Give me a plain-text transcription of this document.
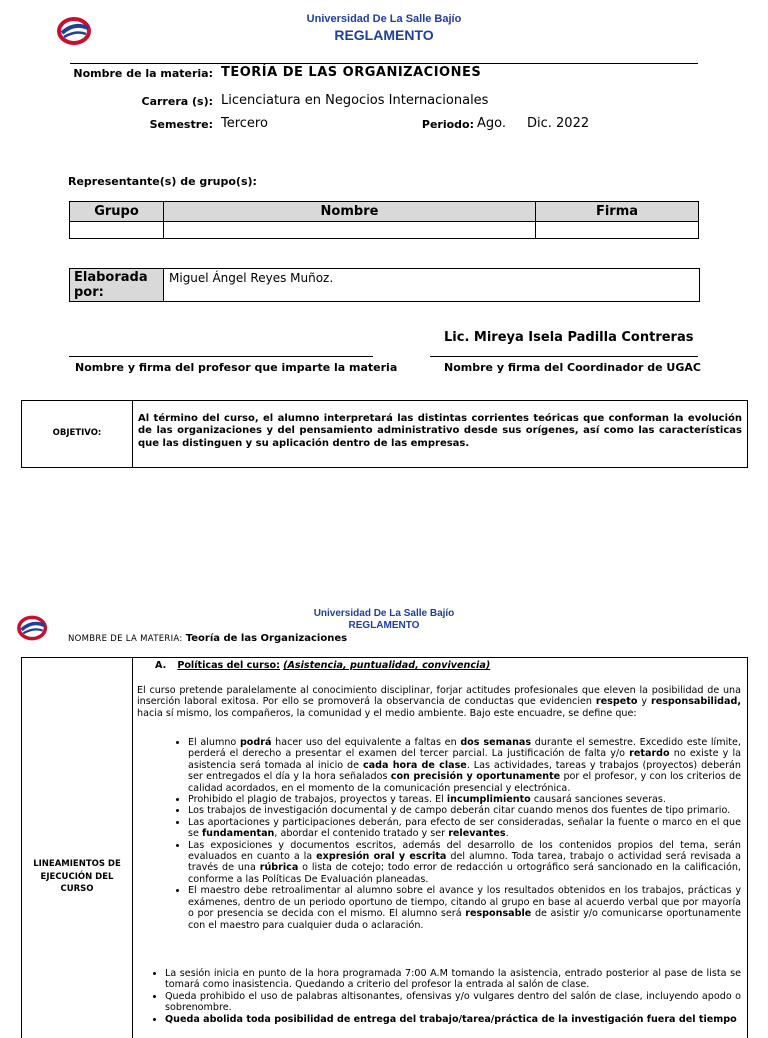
Universidad De La Salle Bajío
REGLAMENTO
Nombre de la materia: TEORÍA DE LAS ORGANIZACIONES
Carrera (s): Licenciatura en Negocios Internacionales
Semestre: Tercero	Periodo: Ago. Dic. 2022
Representante(s) de grupo(s):
Grupo	Nombre	Firma

Elaborada por:
Miguel Ángel Reyes Muñoz.
Lic. Mireya Isela Padilla Contreras
Nombre y firma del profesor que imparte la materia	Nombre y firma del Coordinador de UGAC
OBJETIVO:
Al término del curso, el alumno interpretará las distintas corrientes teóricas que conforman la evolución de las organizaciones y del pensamiento administrativo desde sus orígenes, así como las características que las distinguen y su aplicación dentro de las empresas.
Universidad De La Salle Bajío
REGLAMENTO
NOMBRE DE LA MATERIA: Teoría de las Organizaciones
LINEAMIENTOS DE EJECUCIÓN DEL CURSO
A. Políticas del curso: (Asistencia, puntualidad, convivencia)

El curso pretende paralelamente al conocimiento disciplinar, forjar actitudes profesionales que eleven la posibilidad de una inserción laboral exitosa. Por ello se promoverá la observancia de conductas que evidencien respeto y responsabilidad, hacia sí mismo, los compañeros, la comunidad y el medio ambiente. Bajo este encuadre, se define que:

• El alumno podrá hacer uso del equivalente a faltas en dos semanas durante el semestre. Excedido este límite, perderá el derecho a presentar el examen del tercer parcial. La justificación de falta y/o retardo no existe y la asistencia será tomada al inicio de cada hora de clase. Las actividades, tareas y trabajos (proyectos) deberán ser entregados el día y la hora señalados con precisión y oportunamente por el profesor, y con los criterios de calidad acordados, en el momento de la comunicación presencial y electrónica.
• Prohibido el plagio de trabajos, proyectos y tareas. El incumplimiento causará sanciones severas.
• Los trabajos de investigación documental y de campo deberán citar cuando menos dos fuentes de tipo primario.
• Las aportaciones y participaciones deberán, para efecto de ser consideradas, señalar la fuente o marco en el que se fundamentan, abordar el contenido tratado y ser relevantes.
• Las exposiciones y documentos escritos, además del desarrollo de los contenidos propios del tema, serán evaluados en cuanto a la expresión oral y escrita del alumno. Toda tarea, trabajo o actividad será revisada a través de una rúbrica o lista de cotejo; todo error de redacción u ortográfico será sancionado en la calificación, conforme a las Políticas De Evaluación planeadas.
• El maestro debe retroalimentar al alumno sobre el avance y los resultados obtenidos en los trabajos, prácticas y exámenes, dentro de un periodo oportuno de tiempo, citando al grupo en base al acuerdo verbal que por mayoría o por presencia se decida con el mismo. El alumno será responsable de asistir y/o comunicarse oportunamente con el maestro para cualquier duda o aclaración.
• La sesión inicia en punto de la hora programada 7:00 A.M tomando la asistencia, entrado posterior al pase de lista se tomará como inasistencia. Quedando a criterio del profesor la entrada al salón de clase.
• Queda prohibido el uso de palabras altisonantes, ofensivas y/o vulgares dentro del salón de clase, incluyendo apodo o sobrenombre.
• Queda abolida toda posibilidad de entrega del trabajo/tarea/práctica de la investigación fuera del tiempo
